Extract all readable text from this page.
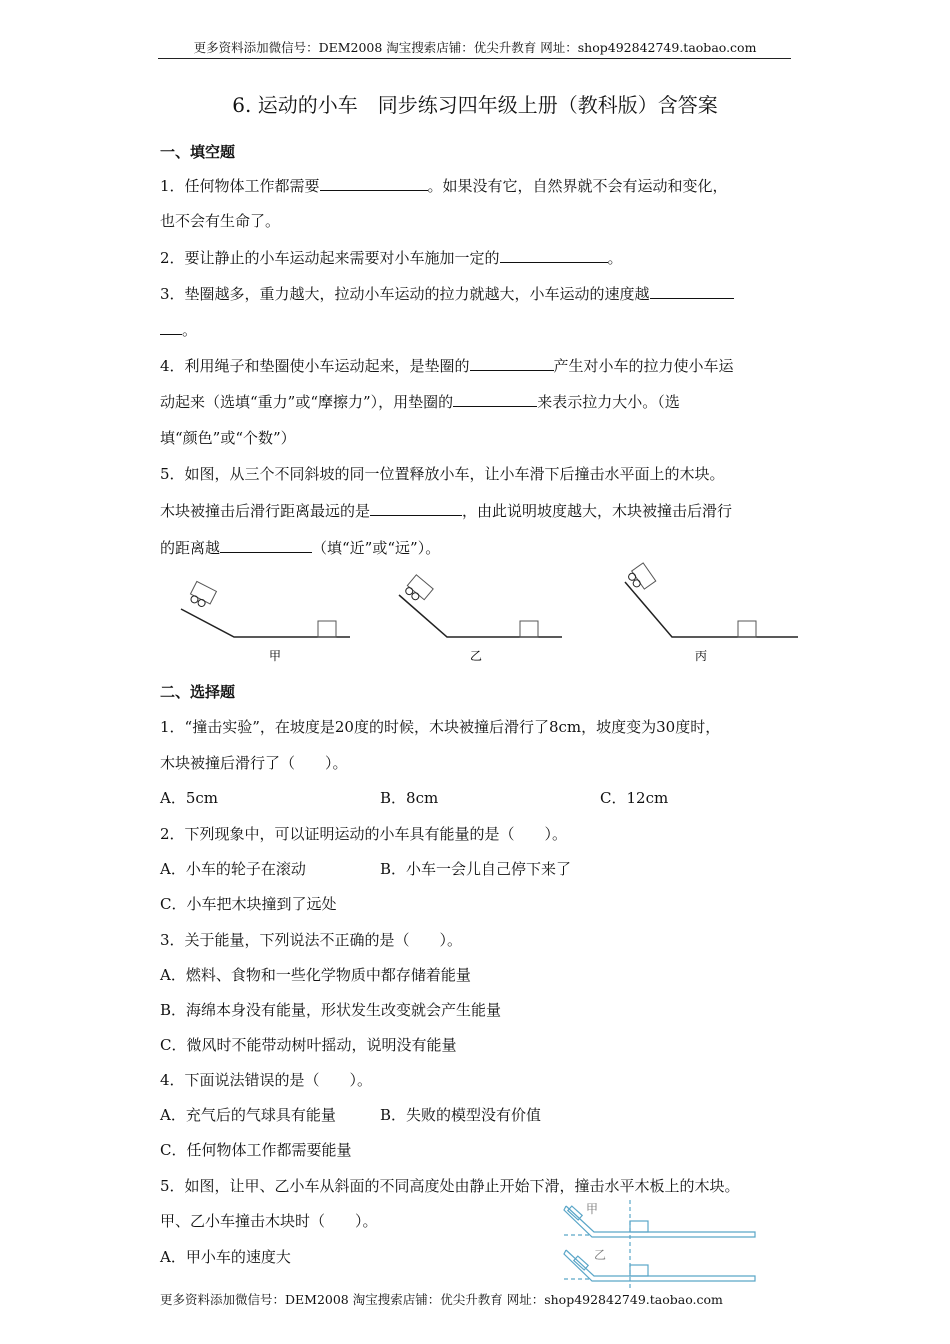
更多资料添加微信号：DEM2008 淘宝搜索店铺：优尖升教育 网址：shop492842749.taobao.com
6. 运动的小车　同步练习四年级上册（教科版）含答案
一、填空题
1．任何物体工作都需要	。如果没有它，自然界就不会有运动和变化，
也不会有生命了。
2．要让静止的小车运动起来需要对小车施加一定的	。
3．垫圈越多，重力越大，拉动小车运动的拉力就越大，小车运动的速度越
。
4．利用绳子和垫圈使小车运动起来，是垫圈的	产生对小车的拉力使小车运
动起来（选填“重力”或“摩擦力”），用垫圈的	来表示拉力大小。（选
填“颜色”或“个数”）
5．如图，从三个不同斜坡的同一位置释放小车，让小车滑下后撞击水平面上的木块。
木块被撞击后滑行距离最远的是	，由此说明坡度越大，木块被撞击后滑行
的距离越	（填“近”或“远”）。
甲	乙	丙
二、选择题
1．“撞击实验”，在坡度是20度的时候，木块被撞后滑行了8cm，坡度变为30度时，
木块被撞后滑行了（　　）。
A．5cm	B．8cm	C．12cm
2．下列现象中，可以证明运动的小车具有能量的是（　　）。
A．小车的轮子在滚动	B．小车一会儿自己停下来了
C．小车把木块撞到了远处
3．关于能量，下列说法不正确的是（　　）。
A．燃料、食物和一些化学物质中都存储着能量
B．海绵本身没有能量，形状发生改变就会产生能量
C．微风时不能带动树叶摇动，说明没有能量
4．下面说法错误的是（　　）。
A．充气后的气球具有能量	B．失败的模型没有价值
C．任何物体工作都需要能量
5．如图，让甲、乙小车从斜面的不同高度处由静止开始下滑，撞击水平木板上的木块。
甲、乙小车撞击木块时（　　）。
A．甲小车的速度大
甲
乙
更多资料添加微信号：DEM2008 淘宝搜索店铺：优尖升教育 网址：shop492842749.taobao.com
